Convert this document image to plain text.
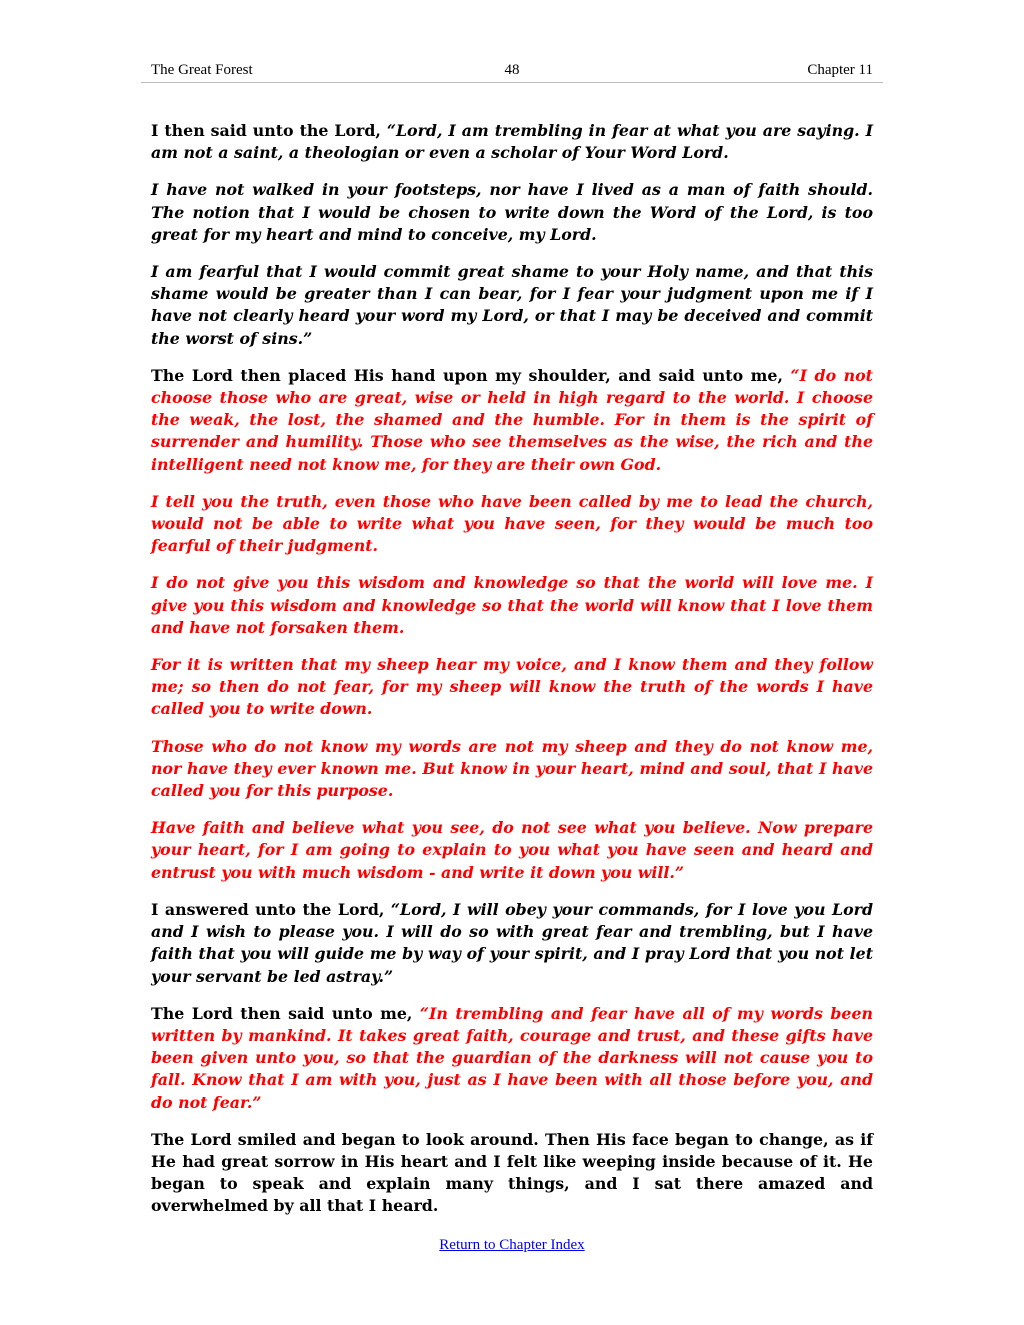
The Great Forest	48	Chapter 11

I then said unto the Lord, “Lord, I am trembling in fear at what you are saying. I am not a saint, a theologian or even a scholar of Your Word Lord.

I have not walked in your footsteps, nor have I lived as a man of faith should. The notion that I would be chosen to write down the Word of the Lord, is too great for my heart and mind to conceive, my Lord.

I am fearful that I would commit great shame to your Holy name, and that this shame would be greater than I can bear, for I fear your judgment upon me if I have not clearly heard your word my Lord, or that I may be deceived and commit the worst of sins.”

The Lord then placed His hand upon my shoulder, and said unto me, “I do not choose those who are great, wise or held in high regard to the world. I choose the weak, the lost, the shamed and the humble. For in them is the spirit of surrender and humility. Those who see themselves as the wise, the rich and the intelligent need not know me, for they are their own God.

I tell you the truth, even those who have been called by me to lead the church, would not be able to write what you have seen, for they would be much too fearful of their judgment.

I do not give you this wisdom and knowledge so that the world will love me. I give you this wisdom and knowledge so that the world will know that I love them and have not forsaken them.

For it is written that my sheep hear my voice, and I know them and they follow me; so then do not fear, for my sheep will know the truth of the words I have called you to write down.

Those who do not know my words are not my sheep and they do not know me, nor have they ever known me. But know in your heart, mind and soul, that I have called you for this purpose.

Have faith and believe what you see, do not see what you believe. Now prepare your heart, for I am going to explain to you what you have seen and heard and entrust you with much wisdom - and write it down you will.”

I answered unto the Lord, “Lord, I will obey your commands, for I love you Lord and I wish to please you. I will do so with great fear and trembling, but I have faith that you will guide me by way of your spirit, and I pray Lord that you not let your servant be led astray.”

The Lord then said unto me, “In trembling and fear have all of my words been written by mankind. It takes great faith, courage and trust, and these gifts have been given unto you, so that the guardian of the darkness will not cause you to fall. Know that I am with you, just as I have been with all those before you, and do not fear.”

The Lord smiled and began to look around. Then His face began to change, as if He had great sorrow in His heart and I felt like weeping inside because of it. He began to speak and explain many things, and I sat there amazed and overwhelmed by all that I heard.

Return to Chapter Index
